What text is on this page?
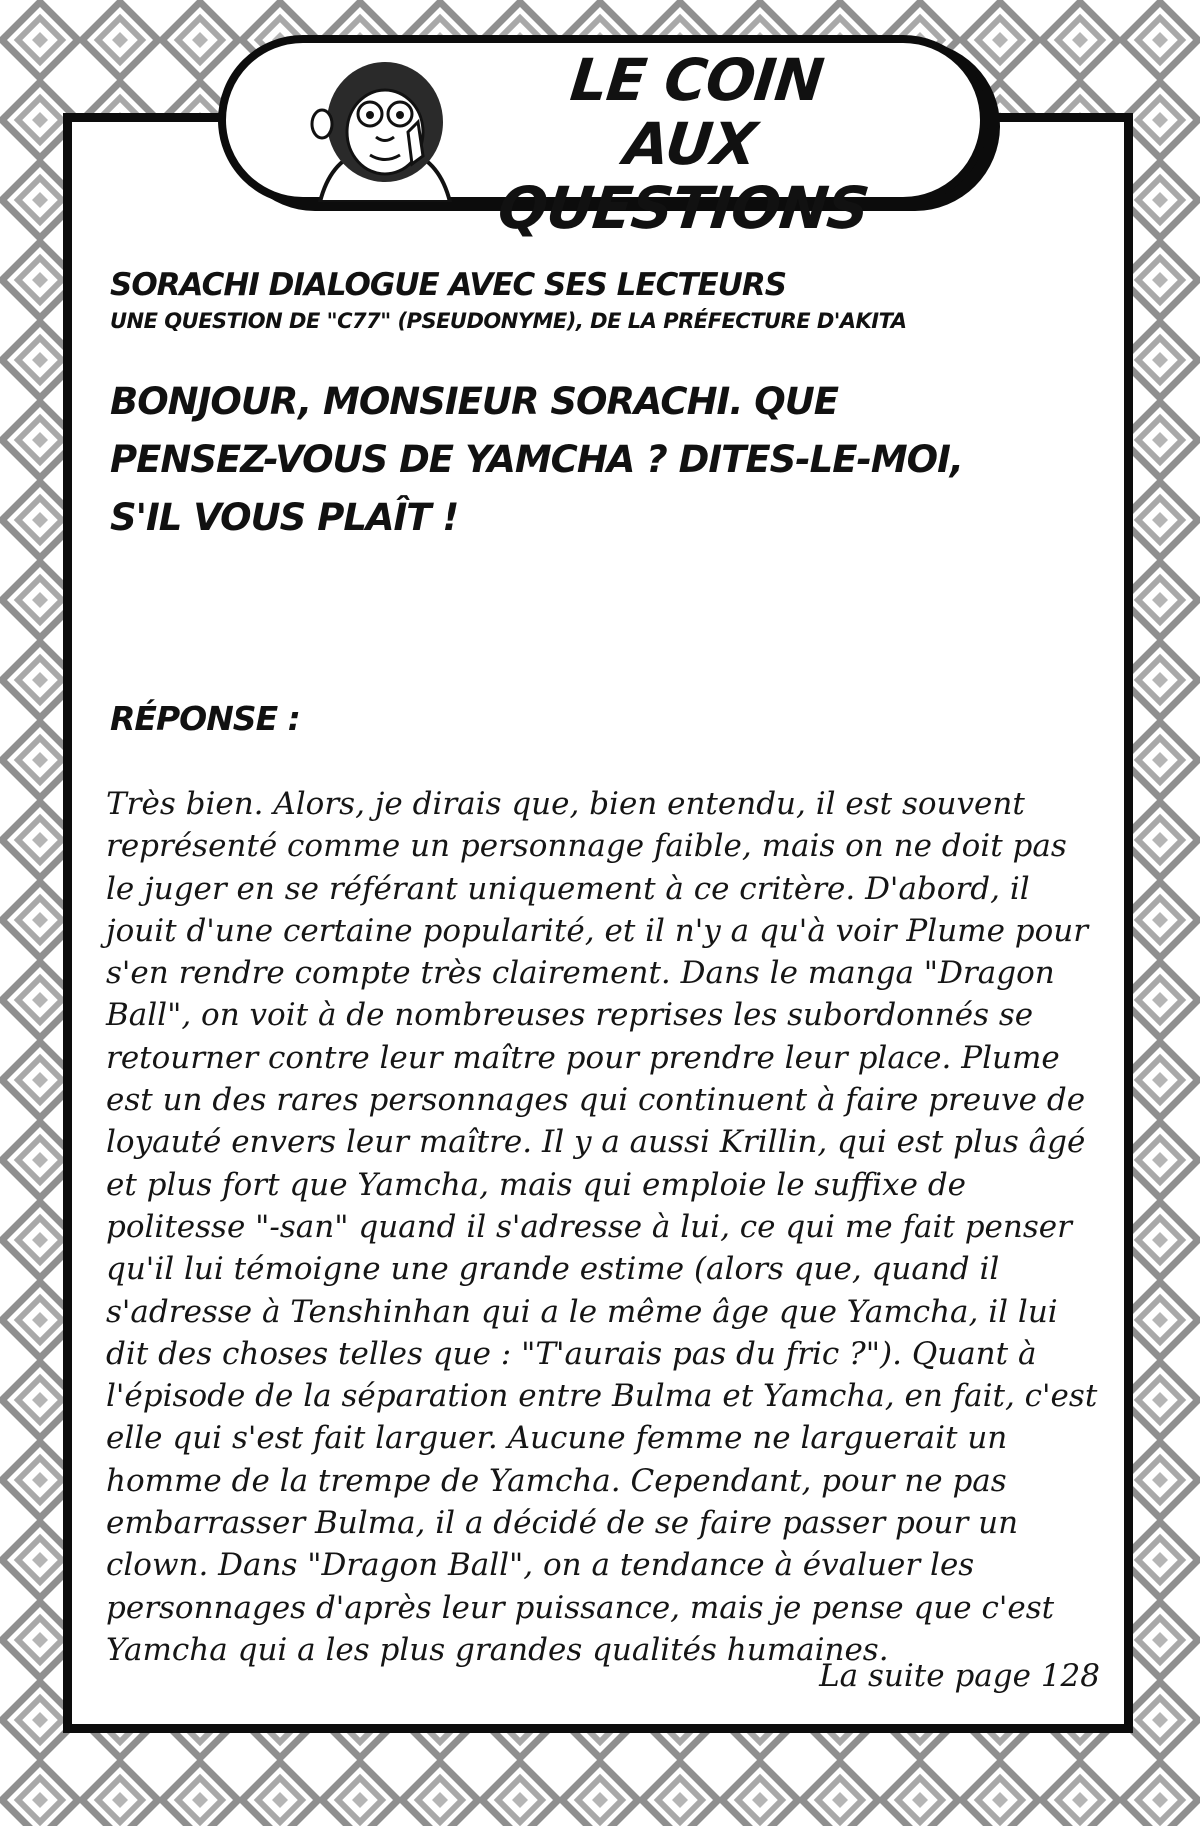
LE COIN
AUX QUESTIONS
SORACHI DIALOGUE AVEC SES LECTEURS

UNE QUESTION DE "C77" (PSEUDONYME), DE LA PRÉFECTURE D'AKITA

BONJOUR, MONSIEUR SORACHI. QUE PENSEZ-VOUS DE YAMCHA ? DITES-LE-MOI, S'IL VOUS PLAÎT !

RÉPONSE :

Très bien. Alors, je dirais que, bien entendu, il est souvent représenté comme un personnage faible, mais on ne doit pas le juger en se référant uniquement à ce critère. D'abord, il jouit d'une certaine popularité, et il n'y a qu'à voir Plume pour s'en rendre compte très clairement. Dans le manga "Dragon Ball", on voit à de nombreuses reprises les subordonnés se retourner contre leur maître pour prendre leur place. Plume est un des rares personnages qui continuent à faire preuve de loyauté envers leur maître. Il y a aussi Krillin, qui est plus âgé et plus fort que Yamcha, mais qui emploie le suffixe de politesse "-san" quand il s'adresse à lui, ce qui me fait penser qu'il lui témoigne une grande estime (alors que, quand il s'adresse à Tenshinhan qui a le même âge que Yamcha, il lui dit des choses telles que : "T'aurais pas du fric ?"). Quant à l'épisode de la séparation entre Bulma et Yamcha, en fait, c'est elle qui s'est fait larguer. Aucune femme ne larguerait un homme de la trempe de Yamcha. Cependant, pour ne pas embarrasser Bulma, il a décidé de se faire passer pour un clown. Dans "Dragon Ball", on a tendance à évaluer les personnages d'après leur puissance, mais je pense que c'est Yamcha qui a les plus grandes qualités humaines.

La suite page 128
